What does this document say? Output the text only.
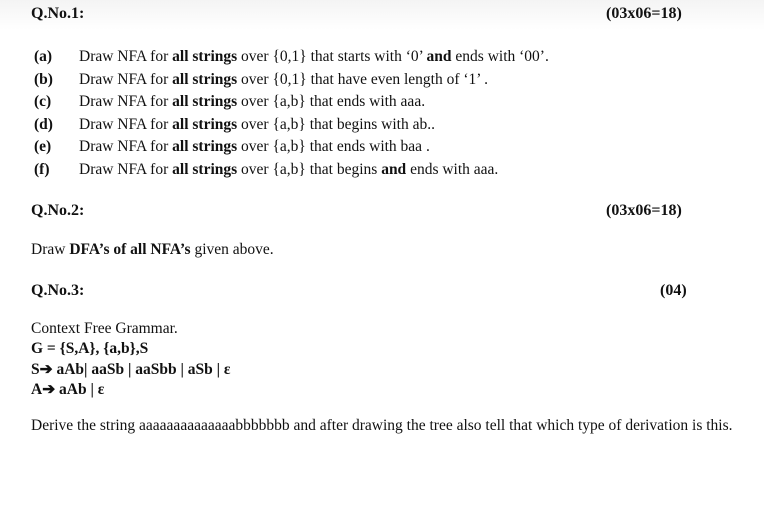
Q.No.1:	(03x06=18)
(a) Draw NFA for all strings over {0,1} that starts with ‘0’ and ends with ‘00’.
(b) Draw NFA for all strings over {0,1} that have even length of ‘1’ .
(c) Draw NFA for all strings over {a,b} that ends with aaa.
(d) Draw NFA for all strings over {a,b} that begins with ab..
(e) Draw NFA for all strings over {a,b} that ends with baa .
(f) Draw NFA for all strings over {a,b} that begins and ends with aaa.
Q.No.2:	(03x06=18)
Draw DFA’s of all NFA’s given above.
Q.No.3:	(04)
Context Free Grammar.
G = {S,A}, {a,b},S
S➔ aAb| aaSb | aaSbb | aSb | ε
A➔ aAb | ε
Derive the string aaaaaaaaaaaaaabbbbbbb and after drawing the tree also tell that which type of derivation is this.
